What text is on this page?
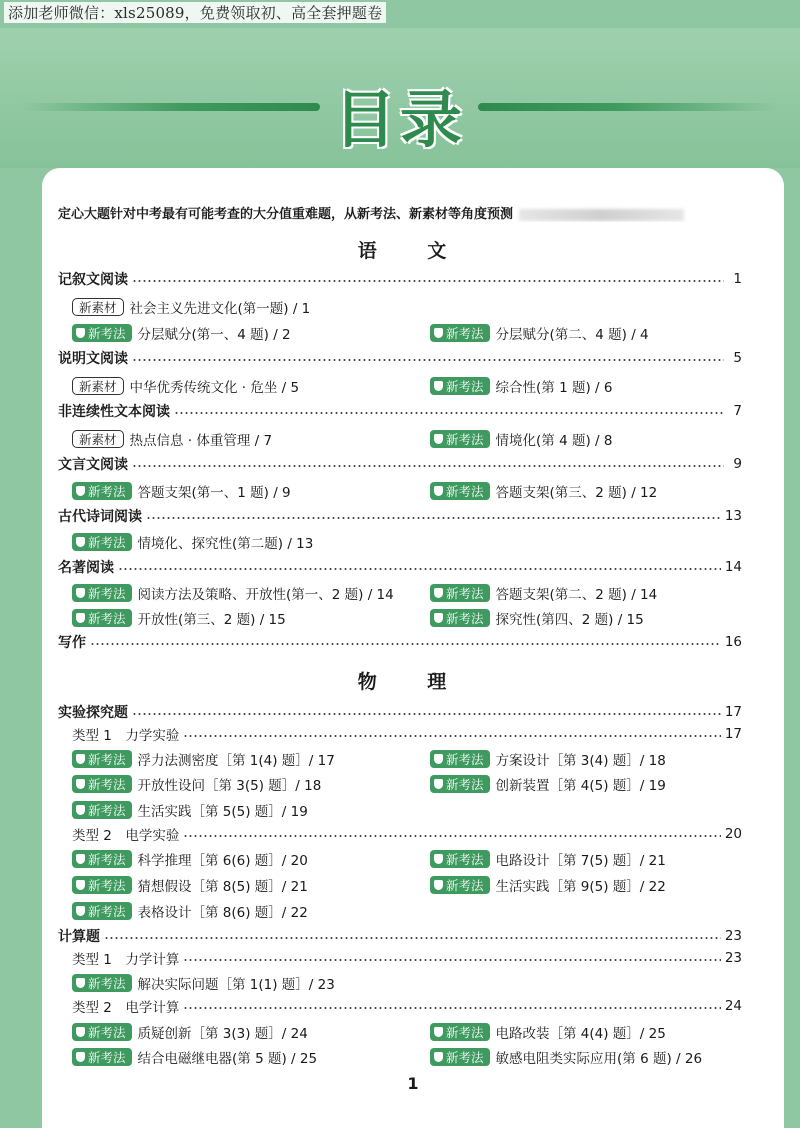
添加老师微信：xls25089，免费领取初、高全套押题卷
目录
定心大题针对中考最有可能考查的大分值重难题，从新考法、新素材等角度预测
语 文
记叙文阅读	1
新素材 社会主义先进文化(第一题) / 1
新考法 分层赋分(第一、4 题) / 2	新考法 分层赋分(第二、4 题) / 4
说明文阅读	5
新素材 中华优秀传统文化 · 危坐 / 5	新考法 综合性(第 1 题) / 6
非连续性文本阅读	7
新素材 热点信息 · 体重管理 / 7	新考法 情境化(第 4 题) / 8
文言文阅读	9
新考法 答题支架(第一、1 题) / 9	新考法 答题支架(第三、2 题) / 12
古代诗词阅读	13
新考法 情境化、探究性(第二题) / 13
名著阅读	14
新考法 阅读方法及策略、开放性(第一、2 题) / 14	新考法 答题支架(第二、2 题) / 14
新考法 开放性(第三、2 题) / 15	新考法 探究性(第四、2 题) / 15
写作	16
物 理
实验探究题	17
类型 1　力学实验	17
新考法 浮力法测密度［第 1(4) 题］/ 17	新考法 方案设计［第 3(4) 题］/ 18
新考法 开放性设问［第 3(5) 题］/ 18	新考法 创新装置［第 4(5) 题］/ 19
新考法 生活实践［第 5(5) 题］/ 19
类型 2　电学实验	20
新考法 科学推理［第 6(6) 题］/ 20	新考法 电路设计［第 7(5) 题］/ 21
新考法 猜想假设［第 8(5) 题］/ 21	新考法 生活实践［第 9(5) 题］/ 22
新考法 表格设计［第 8(6) 题］/ 22
计算题	23
类型 1　力学计算	23
新考法 解决实际问题［第 1(1) 题］/ 23
类型 2　电学计算	24
新考法 质疑创新［第 3(3) 题］/ 24	新考法 电路改装［第 4(4) 题］/ 25
新考法 结合电磁继电器(第 5 题) / 25	新考法 敏感电阻类实际应用(第 6 题) / 26
1
